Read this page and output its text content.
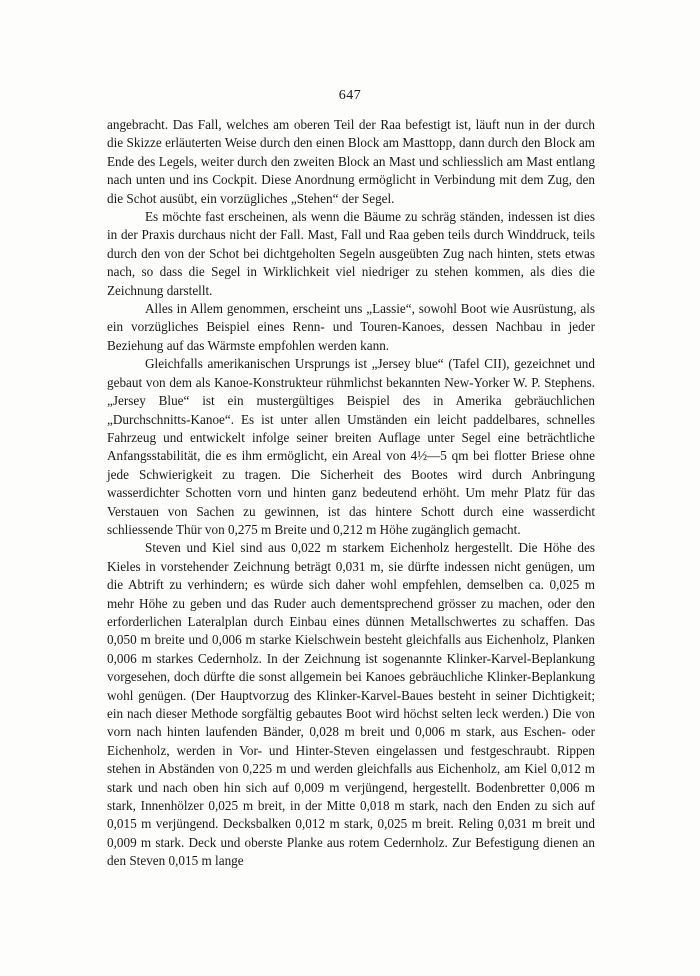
647

angebracht. Das Fall, welches am oberen Teil der Raa befestigt ist, läuft nun in der durch die Skizze erläuterten Weise durch den einen Block am Masttopp, dann durch den Block am Ende des Legels, weiter durch den zweiten Block an Mast und schliesslich am Mast entlang nach unten und ins Cockpit. Diese Anordnung ermöglicht in Verbindung mit dem Zug, den die Schot ausübt, ein vorzügliches „Stehen“ der Segel.

Es möchte fast erscheinen, als wenn die Bäume zu schräg ständen, indessen ist dies in der Praxis durchaus nicht der Fall. Mast, Fall und Raa geben teils durch Winddruck, teils durch den von der Schot bei dichtgeholten Segeln ausgeübten Zug nach hinten, stets etwas nach, so dass die Segel in Wirklichkeit viel niedriger zu stehen kommen, als dies die Zeichnung darstellt.

Alles in Allem genommen, erscheint uns „Lassie“, sowohl Boot wie Ausrüstung, als ein vorzügliches Beispiel eines Renn- und Touren-Kanoes, dessen Nachbau in jeder Beziehung auf das Wärmste empfohlen werden kann.

Gleichfalls amerikanischen Ursprungs ist „Jersey blue“ (Tafel CII), gezeichnet und gebaut von dem als Kanoe-Konstrukteur rühmlichst bekannten New-Yorker W. P. Stephens. „Jersey Blue“ ist ein mustergültiges Beispiel des in Amerika gebräuchlichen „Durchschnitts-Kanoe“. Es ist unter allen Umständen ein leicht paddelbares, schnelles Fahrzeug und entwickelt infolge seiner breiten Auflage unter Segel eine beträchtliche Anfangsstabilität, die es ihm ermöglicht, ein Areal von 4½—5 qm bei flotter Briese ohne jede Schwierigkeit zu tragen. Die Sicherheit des Bootes wird durch Anbringung wasserdichter Schotten vorn und hinten ganz bedeutend erhöht. Um mehr Platz für das Verstauen von Sachen zu gewinnen, ist das hintere Schott durch eine wasserdicht schliessende Thür von 0,275 m Breite und 0,212 m Höhe zugänglich gemacht.

Steven und Kiel sind aus 0,022 m starkem Eichenholz hergestellt. Die Höhe des Kieles in vorstehender Zeichnung beträgt 0,031 m, sie dürfte indessen nicht genügen, um die Abtrift zu verhindern; es würde sich daher wohl empfehlen, demselben ca. 0,025 m mehr Höhe zu geben und das Ruder auch dementsprechend grösser zu machen, oder den erforderlichen Lateralplan durch Einbau eines dünnen Metallschwertes zu schaffen. Das 0,050 m breite und 0,006 m starke Kielschwein besteht gleichfalls aus Eichenholz, Planken 0,006 m starkes Cedernholz. In der Zeichnung ist sogenannte Klinker-Karvel-Beplankung vorgesehen, doch dürfte die sonst allgemein bei Kanoes gebräuchliche Klinker-Beplankung wohl genügen. (Der Hauptvorzug des Klinker-Karvel-Baues besteht in seiner Dichtigkeit; ein nach dieser Methode sorgfältig gebautes Boot wird höchst selten leck werden.) Die von vorn nach hinten laufenden Bänder, 0,028 m breit und 0,006 m stark, aus Eschen- oder Eichenholz, werden in Vor- und Hinter-Steven eingelassen und festgeschraubt. Rippen stehen in Abständen von 0,225 m und werden gleichfalls aus Eichenholz, am Kiel 0,012 m stark und nach oben hin sich auf 0,009 m verjüngend, hergestellt. Bodenbretter 0,006 m stark, Innenhölzer 0,025 m breit, in der Mitte 0,018 m stark, nach den Enden zu sich auf 0,015 m verjüngend. Decksbalken 0,012 m stark, 0,025 m breit. Reling 0,031 m breit und 0,009 m stark. Deck und oberste Planke aus rotem Cedernholz. Zur Befestigung dienen an den Steven 0,015 m lange
